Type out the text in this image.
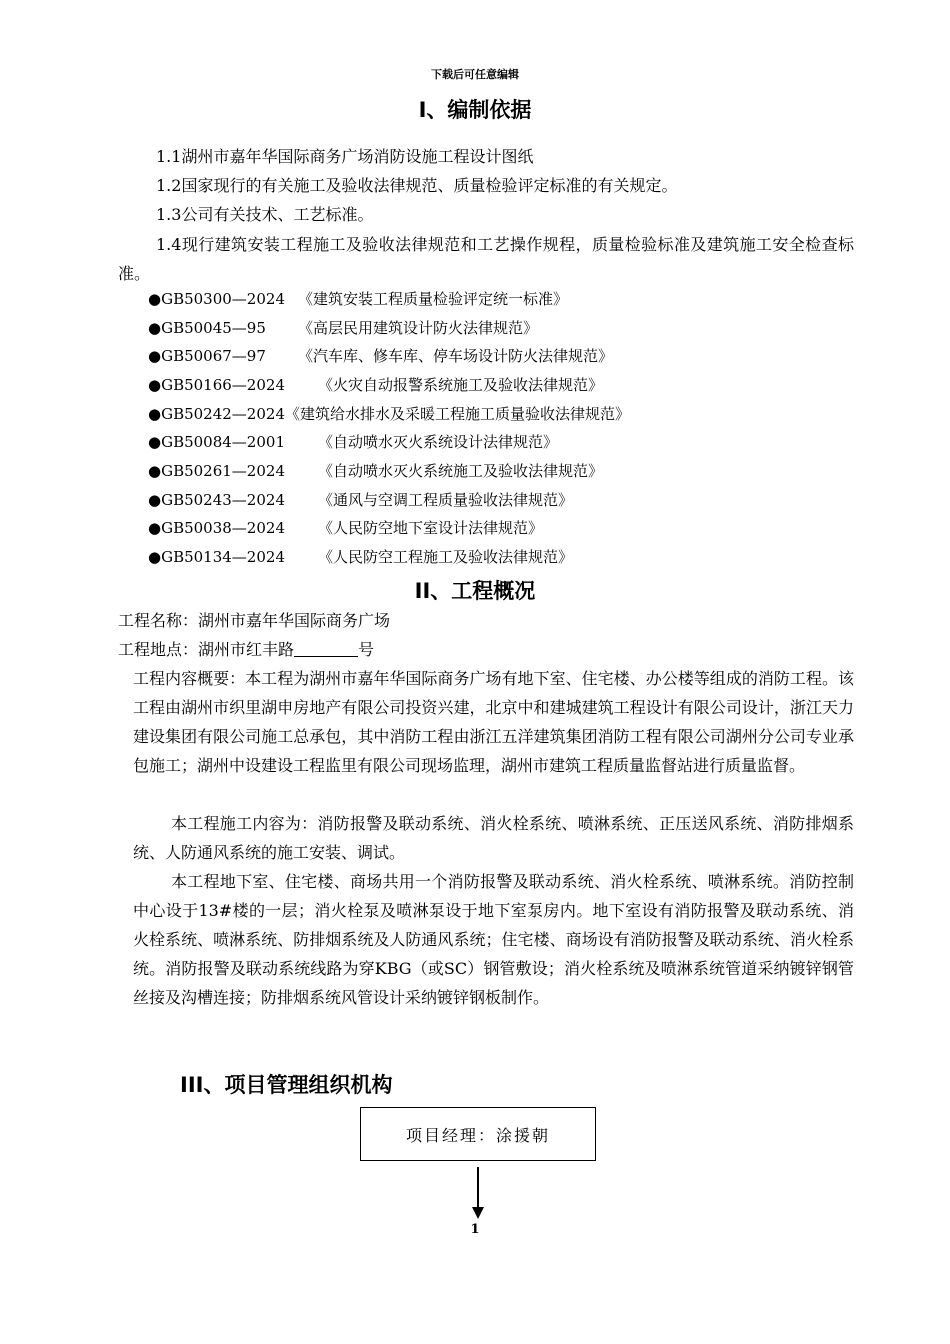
下载后可任意编辑
I、编制依据
1.1湖州市嘉年华国际商务广场消防设施工程设计图纸
1.2国家现行的有关施工及验收法律规范、质量检验评定标准的有关规定。
1.3公司有关技术、工艺标准。
1.4现行建筑安装工程施工及验收法律规范和工艺操作规程，质量检验标准及建筑施工安全检查标准。
●GB50300—2024 《建筑安装工程质量检验评定统一标准》
●GB50045—95 《高层民用建筑设计防火法律规范》
●GB50067—97 《汽车库、修车库、停车场设计防火法律规范》
●GB50166—2024 《火灾自动报警系统施工及验收法律规范》
●GB50242—2024《建筑给水排水及采暖工程施工质量验收法律规范》
●GB50084—2001 《自动喷水灭火系统设计法律规范》
●GB50261—2024 《自动喷水灭火系统施工及验收法律规范》
●GB50243—2024 《通风与空调工程质量验收法律规范》
●GB50038—2024 《人民防空地下室设计法律规范》
●GB50134—2024 《人民防空工程施工及验收法律规范》
II、工程概况
工程名称：湖州市嘉年华国际商务广场
工程地点：湖州市红丰路	号
工程内容概要：本工程为湖州市嘉年华国际商务广场有地下室、住宅楼、办公楼等组成的消防工程。该工程由湖州市织里湖申房地产有限公司投资兴建，北京中和建城建筑工程设计有限公司设计，浙江天力建设集团有限公司施工总承包，其中消防工程由浙江五洋建筑集团消防工程有限公司湖州分公司专业承包施工；湖州中设建设工程监里有限公司现场监理，湖州市建筑工程质量监督站进行质量监督。
本工程施工内容为：消防报警及联动系统、消火栓系统、喷淋系统、正压送风系统、消防排烟系统、人防通风系统的施工安装、调试。
本工程地下室、住宅楼、商场共用一个消防报警及联动系统、消火栓系统、喷淋系统。消防控制中心设于13#楼的一层；消火栓泵及喷淋泵设于地下室泵房内。地下室设有消防报警及联动系统、消火栓系统、喷淋系统、防排烟系统及人防通风系统；住宅楼、商场设有消防报警及联动系统、消火栓系统。消防报警及联动系统线路为穿KBG（或SC）钢管敷设；消火栓系统及喷淋系统管道采纳镀锌钢管丝接及沟槽连接；防排烟系统风管设计采纳镀锌钢板制作。
III、项目管理组织机构
项目经理：涂援朝
1
